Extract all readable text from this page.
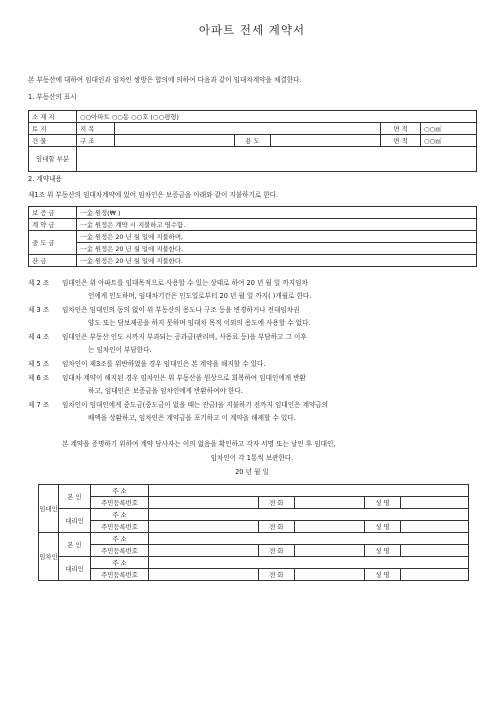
아파트 전세 계약서
본 부동산에 대하여 임대인과 임차인 쌍방은 합의에 의하여 다음과 같이 임대차계약을 체결한다.
1. 부동산의 표시
소 재 지	○○아파트 ○○동 ○○호 (○○평형)					
토 지	지 목				면 적	○○㎡
건 물	구 조		용 도		면 적	○○㎡
임대할 부분						
2. 계약내용
제1조 위 부동산의 임대차계약에 있어 임차인은 보증금을 아래와 같이 지불하기로 한다.
보 증 금	一金 원정(₩ )
계 약 금	一金 원정은 계약 시 지불하고 영수함.
중 도 금	一金 원정은 20 년 월 일에 지불하며,
	一金 원정은 20 년 월 일에 지불한다.
잔 금	一金 원정은 20 년 월 일에 지불한다.
제 2 조 임대인은 위 아파트를 임대목적으로 사용할 수 있는 상태로 하여 20 년 월 일 까지임차
인에게 인도하며, 임대차기간은 인도일로부터 20 년 월 일 까지( )개월로 한다.
제 3 조 임차인은 임대인의 동의 없이 위 부동산의 용도나 구조 등을 변경하거나 전대임차권
양도 또는 담보제공을 하지 못하며 임대차 목적 이외의 용도에 사용할 수 없다.
제 4 조 임대인은 부동산 인도 시까지 부과되는 공과금(관리비, 사용료 등)을 부담하고 그 이후
는 임차인이 부담한다.
제 5 조 임차인이 제3조를 위반하였을 경우 임대인은 본 계약을 해지할 수 있다.
제 6 조 임대차 계약이 해지된 경우 임차인은 위 부동산을 원상으로 회복하여 임대인에게 반환
하고, 임대인은 보증금을 임차인에게 반환하여야 한다.
제 7 조 임차인이 임대인에게 중도금(중도금이 없을 때는 잔금)을 지불하기 전까지 임대인은 계약금의
배액을 상환하고, 임차인은 계약금을 포기하고 이 계약을 해제할 수 있다.
본 계약을 증명하기 위하여 계약 당사자는 이의 없음을 확인하고 각자 서명 또는 날인 후 임대인,
임차인이 각 1통씩 보관한다.
20 년 월 일
임대인	본 인	주 소					
		주민등록번호		전 화		성 명	
	대리인	주 소					
		주민등록번호		전 화		성 명	
임차인	본 인	주 소					
		주민등록번호		전 화		성 명	
	대리인	주 소					
		주민등록번호		전 화		성 명	
